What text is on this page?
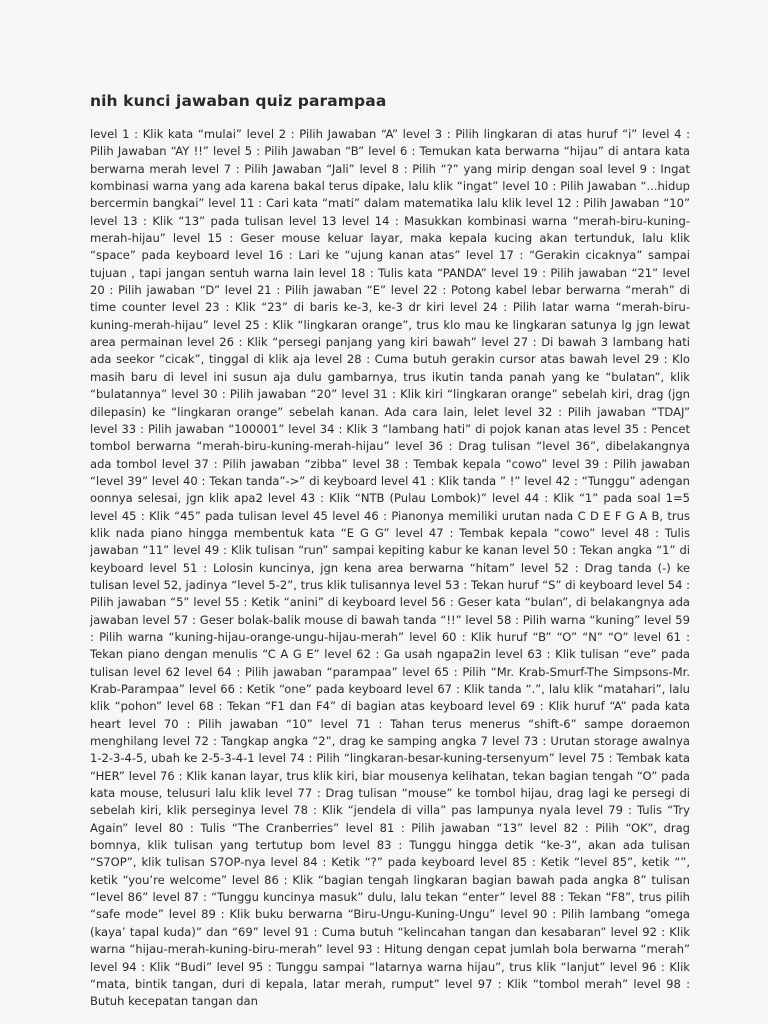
nih kunci jawaban quiz parampaa

level 1 : Klik kata “mulai” level 2 : Pilih Jawaban “A” level 3 : Pilih lingkaran di atas huruf “i” level 4 : Pilih Jawaban “AY !!” level 5 : Pilih Jawaban “B” level 6 : Temukan kata berwarna “hijau” di antara kata berwarna merah level 7 : Pilih Jawaban “Jali” level 8 : Pilih “?” yang mirip dengan soal level 9 : Ingat kombinasi warna yang ada karena bakal terus dipake, lalu klik “ingat” level 10 : Pilih Jawaban “...hidup bercermin bangkai” level 11 : Cari kata “mati” dalam matematika lalu klik level 12 : Pilih Jawaban “10” level 13 : Klik “13” pada tulisan level 13 level 14 : Masukkan kombinasi warna “merah-biru-kuning-merah-hijau” level 15 : Geser mouse keluar layar, maka kepala kucing akan tertunduk, lalu klik “space” pada keyboard level 16 : Lari ke “ujung kanan atas” level 17 : “Gerakin cicaknya” sampai tujuan , tapi jangan sentuh warna lain level 18 : Tulis kata “PANDA” level 19 : Pilih jawaban “21” level 20 : Pilih jawaban “D” level 21 : Pilih jawaban “E” level 22 : Potong kabel lebar berwarna “merah” di time counter level 23 : Klik “23” di baris ke-3, ke-3 dr kiri level 24 : Pilih latar warna “merah-biru-kuning-merah-hijau” level 25 : Klik “lingkaran orange”, trus klo mau ke lingkaran satunya lg jgn lewat area permainan level 26 : Klik “persegi panjang yang kiri bawah” level 27 : Di bawah 3 lambang hati ada seekor “cicak”, tinggal di klik aja level 28 : Cuma butuh gerakin cursor atas bawah level 29 : Klo masih baru di level ini susun aja dulu gambarnya, trus ikutin tanda panah yang ke “bulatan”, klik “bulatannya” level 30 : Pilih jawaban “20” level 31 : Klik kiri “lingkaran orange” sebelah kiri, drag (jgn dilepasin) ke “lingkaran orange” sebelah kanan. Ada cara lain, lelet level 32 : Pilih jawaban “TDAJ” level 33 : Pilih jawaban “100001” level 34 : Klik 3 “lambang hati” di pojok kanan atas level 35 : Pencet tombol berwarna “merah-biru-kuning-merah-hijau” level 36 : Drag tulisan “level 36”, dibelakangnya ada tombol level 37 : Pilih jawaban “zibba” level 38 : Tembak kepala “cowo” level 39 : Pilih jawaban “level 39” level 40 : Tekan tanda”->” di keyboard level 41 : Klik tanda ” !” level 42 : “Tunggu” adengan oonnya selesai, jgn klik apa2 level 43 : Klik “NTB (Pulau Lombok)” level 44 : Klik “1” pada soal 1=5 level 45 : Klik “45” pada tulisan level 45 level 46 : Pianonya memiliki urutan nada C D E F G A B, trus klik nada piano hingga membentuk kata “E G G” level 47 : Tembak kepala “cowo” level 48 : Tulis jawaban “11” level 49 : Klik tulisan “run” sampai kepiting kabur ke kanan level 50 : Tekan angka “1” di keyboard level 51 : Lolosin kuncinya, jgn kena area berwarna “hitam” level 52 : Drag tanda (-) ke tulisan level 52, jadinya “level 5-2”, trus klik tulisannya level 53 : Tekan huruf “S” di keyboard level 54 : Pilih jawaban “5” level 55 : Ketik “anini” di keyboard level 56 : Geser kata “bulan”, di belakangnya ada jawaban level 57 : Geser bolak-balik mouse di bawah tanda “!!” level 58 : Pilih warna “kuning” level 59 : Pilih warna “kuning-hijau-orange-ungu-hijau-merah” level 60 : Klik huruf “B” “O” “N” “O” level 61 : Tekan piano dengan menulis “C A G E” level 62 : Ga usah ngapa2in level 63 : Klik tulisan “eve” pada tulisan level 62 level 64 : Pilih jawaban “parampaa” level 65 : Pilih “Mr. Krab-Smurf-The Simpsons-Mr. Krab-Parampaa” level 66 : Ketik “one” pada keyboard level 67 : Klik tanda “.”, lalu klik “matahari”, lalu klik “pohon” level 68 : Tekan “F1 dan F4” di bagian atas keyboard level 69 : Klik huruf “A” pada kata heart level 70 : Pilih jawaban “10” level 71 : Tahan terus menerus “shift-6” sampe doraemon menghilang level 72 : Tangkap angka “2”, drag ke samping angka 7 level 73 : Urutan storage awalnya 1-2-3-4-5, ubah ke 2-5-3-4-1 level 74 : Pilih “lingkaran-besar-kuning-tersenyum” level 75 : Tembak kata “HER” level 76 : Klik kanan layar, trus klik kiri, biar mousenya kelihatan, tekan bagian tengah “O” pada kata mouse, telusuri lalu klik level 77 : Drag tulisan “mouse” ke tombol hijau, drag lagi ke persegi di sebelah kiri, klik perseginya level 78 : Klik “jendela di villa” pas lampunya nyala level 79 : Tulis “Try Again” level 80 : Tulis “The Cranberries” level 81 : Pilih jawaban “13” level 82 : Pilih “OK”, drag bomnya, klik tulisan yang tertutup bom level 83 : Tunggu hingga detik “ke-3”, akan ada tulisan “S7OP”, klik tulisan S7OP-nya level 84 : Ketik “?” pada keyboard level 85 : Ketik “level 85”, ketik “”, ketik “you’re welcome” level 86 : Klik “bagian tengah lingkaran bagian bawah pada angka 8” tulisan “level 86” level 87 : “Tunggu kuncinya masuk” dulu, lalu tekan “enter” level 88 : Tekan “F8”, trus pilih “safe mode” level 89 : Klik buku berwarna “Biru-Ungu-Kuning-Ungu” level 90 : Pilih lambang “omega (kaya’ tapal kuda)” dan “69” level 91 : Cuma butuh “kelincahan tangan dan kesabaran” level 92 : Klik warna “hijau-merah-kuning-biru-merah” level 93 : Hitung dengan cepat jumlah bola berwarna “merah” level 94 : Klik “Budi” level 95 : Tunggu sampai “latarnya warna hijau”, trus klik “lanjut” level 96 : Klik “mata, bintik tangan, duri di kepala, latar merah, rumput” level 97 : Klik “tombol merah” level 98 : Butuh kecepatan tangan dan
